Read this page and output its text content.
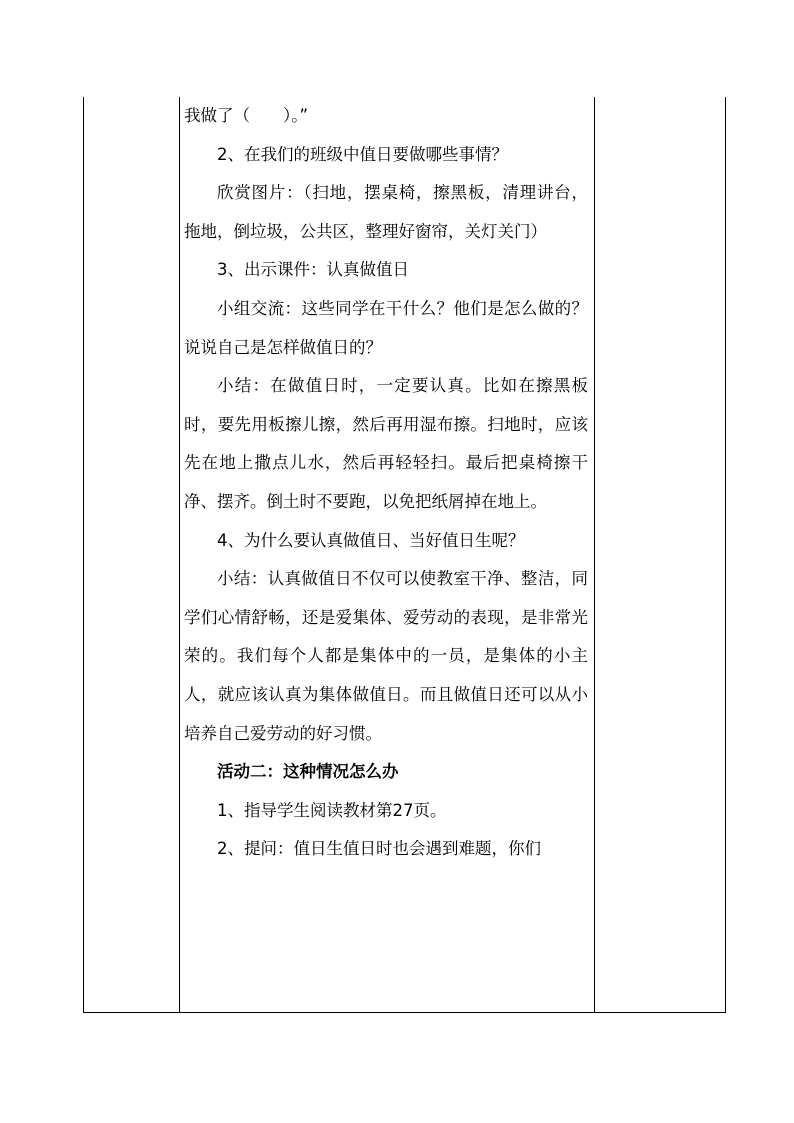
我做了（　　）。”

2、在我们的班级中值日要做哪些事情？

欣赏图片：（扫地，摆桌椅，擦黑板，清理讲台，拖地，倒垃圾，公共区，整理好窗帘，关灯关门）

3、出示课件：认真做值日

小组交流：这些同学在干什么？他们是怎么做的？说说自己是怎样做值日的？

小结：在做值日时，一定要认真。比如在擦黑板时，要先用板擦儿擦，然后再用湿布擦。扫地时，应该先在地上撒点儿水，然后再轻轻扫。最后把桌椅擦干净、摆齐。倒土时不要跑，以免把纸屑掉在地上。

4、为什么要认真做值日、当好值日生呢？

小结：认真做值日不仅可以使教室干净、整洁，同学们心情舒畅，还是爱集体、爱劳动的表现，是非常光荣的。我们每个人都是集体中的一员，是集体的小主人，就应该认真为集体做值日。而且做值日还可以从小培养自己爱劳动的好习惯。

活动二：这种情况怎么办

1、指导学生阅读教材第27页。

2、提问：值日生值日时也会遇到难题，你们
